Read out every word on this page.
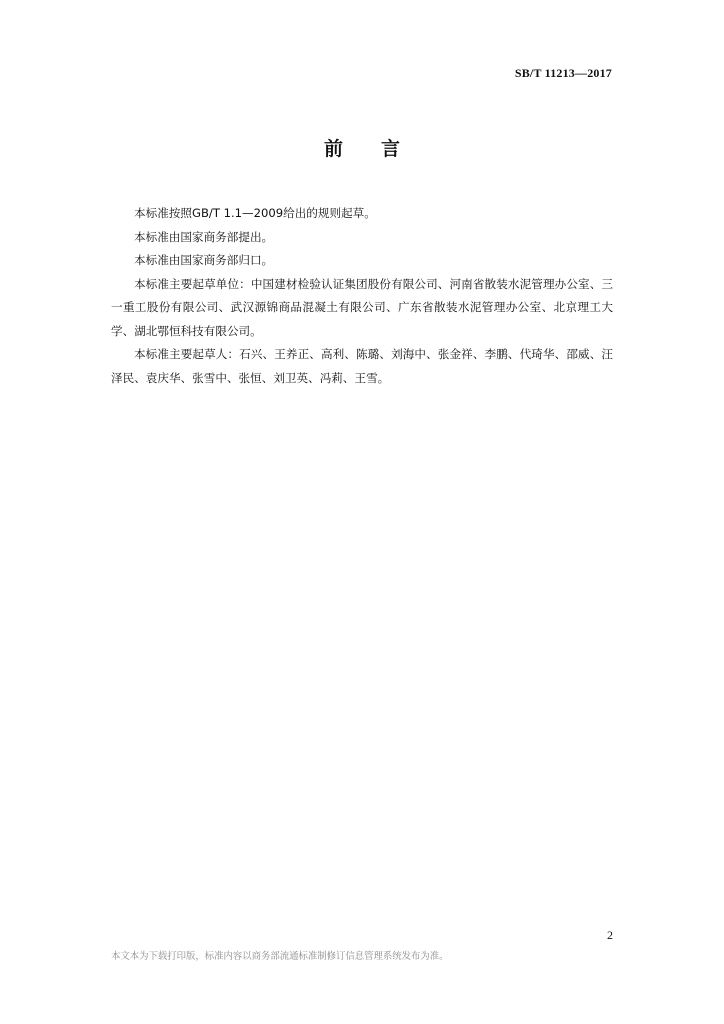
SB/T 11213—2017
前 言

本标准按照GB/T 1.1—2009给出的规则起草。

本标准由国家商务部提出。

本标准由国家商务部归口。

本标准主要起草单位：中国建材检验认证集团股份有限公司、河南省散装水泥管理办公室、三一重工股份有限公司、武汉源锦商品混凝土有限公司、广东省散装水泥管理办公室、北京理工大学、湖北鄂恒科技有限公司。

本标准主要起草人：石兴、王养正、高利、陈璐、刘海中、张金祥、李鹏、代琦华、邵威、汪泽民、袁庆华、张雪中、张恒、刘卫英、冯莉、王雪。

2
本文本为下载打印版，标准内容以商务部流通标准制修订信息管理系统发布为准。
